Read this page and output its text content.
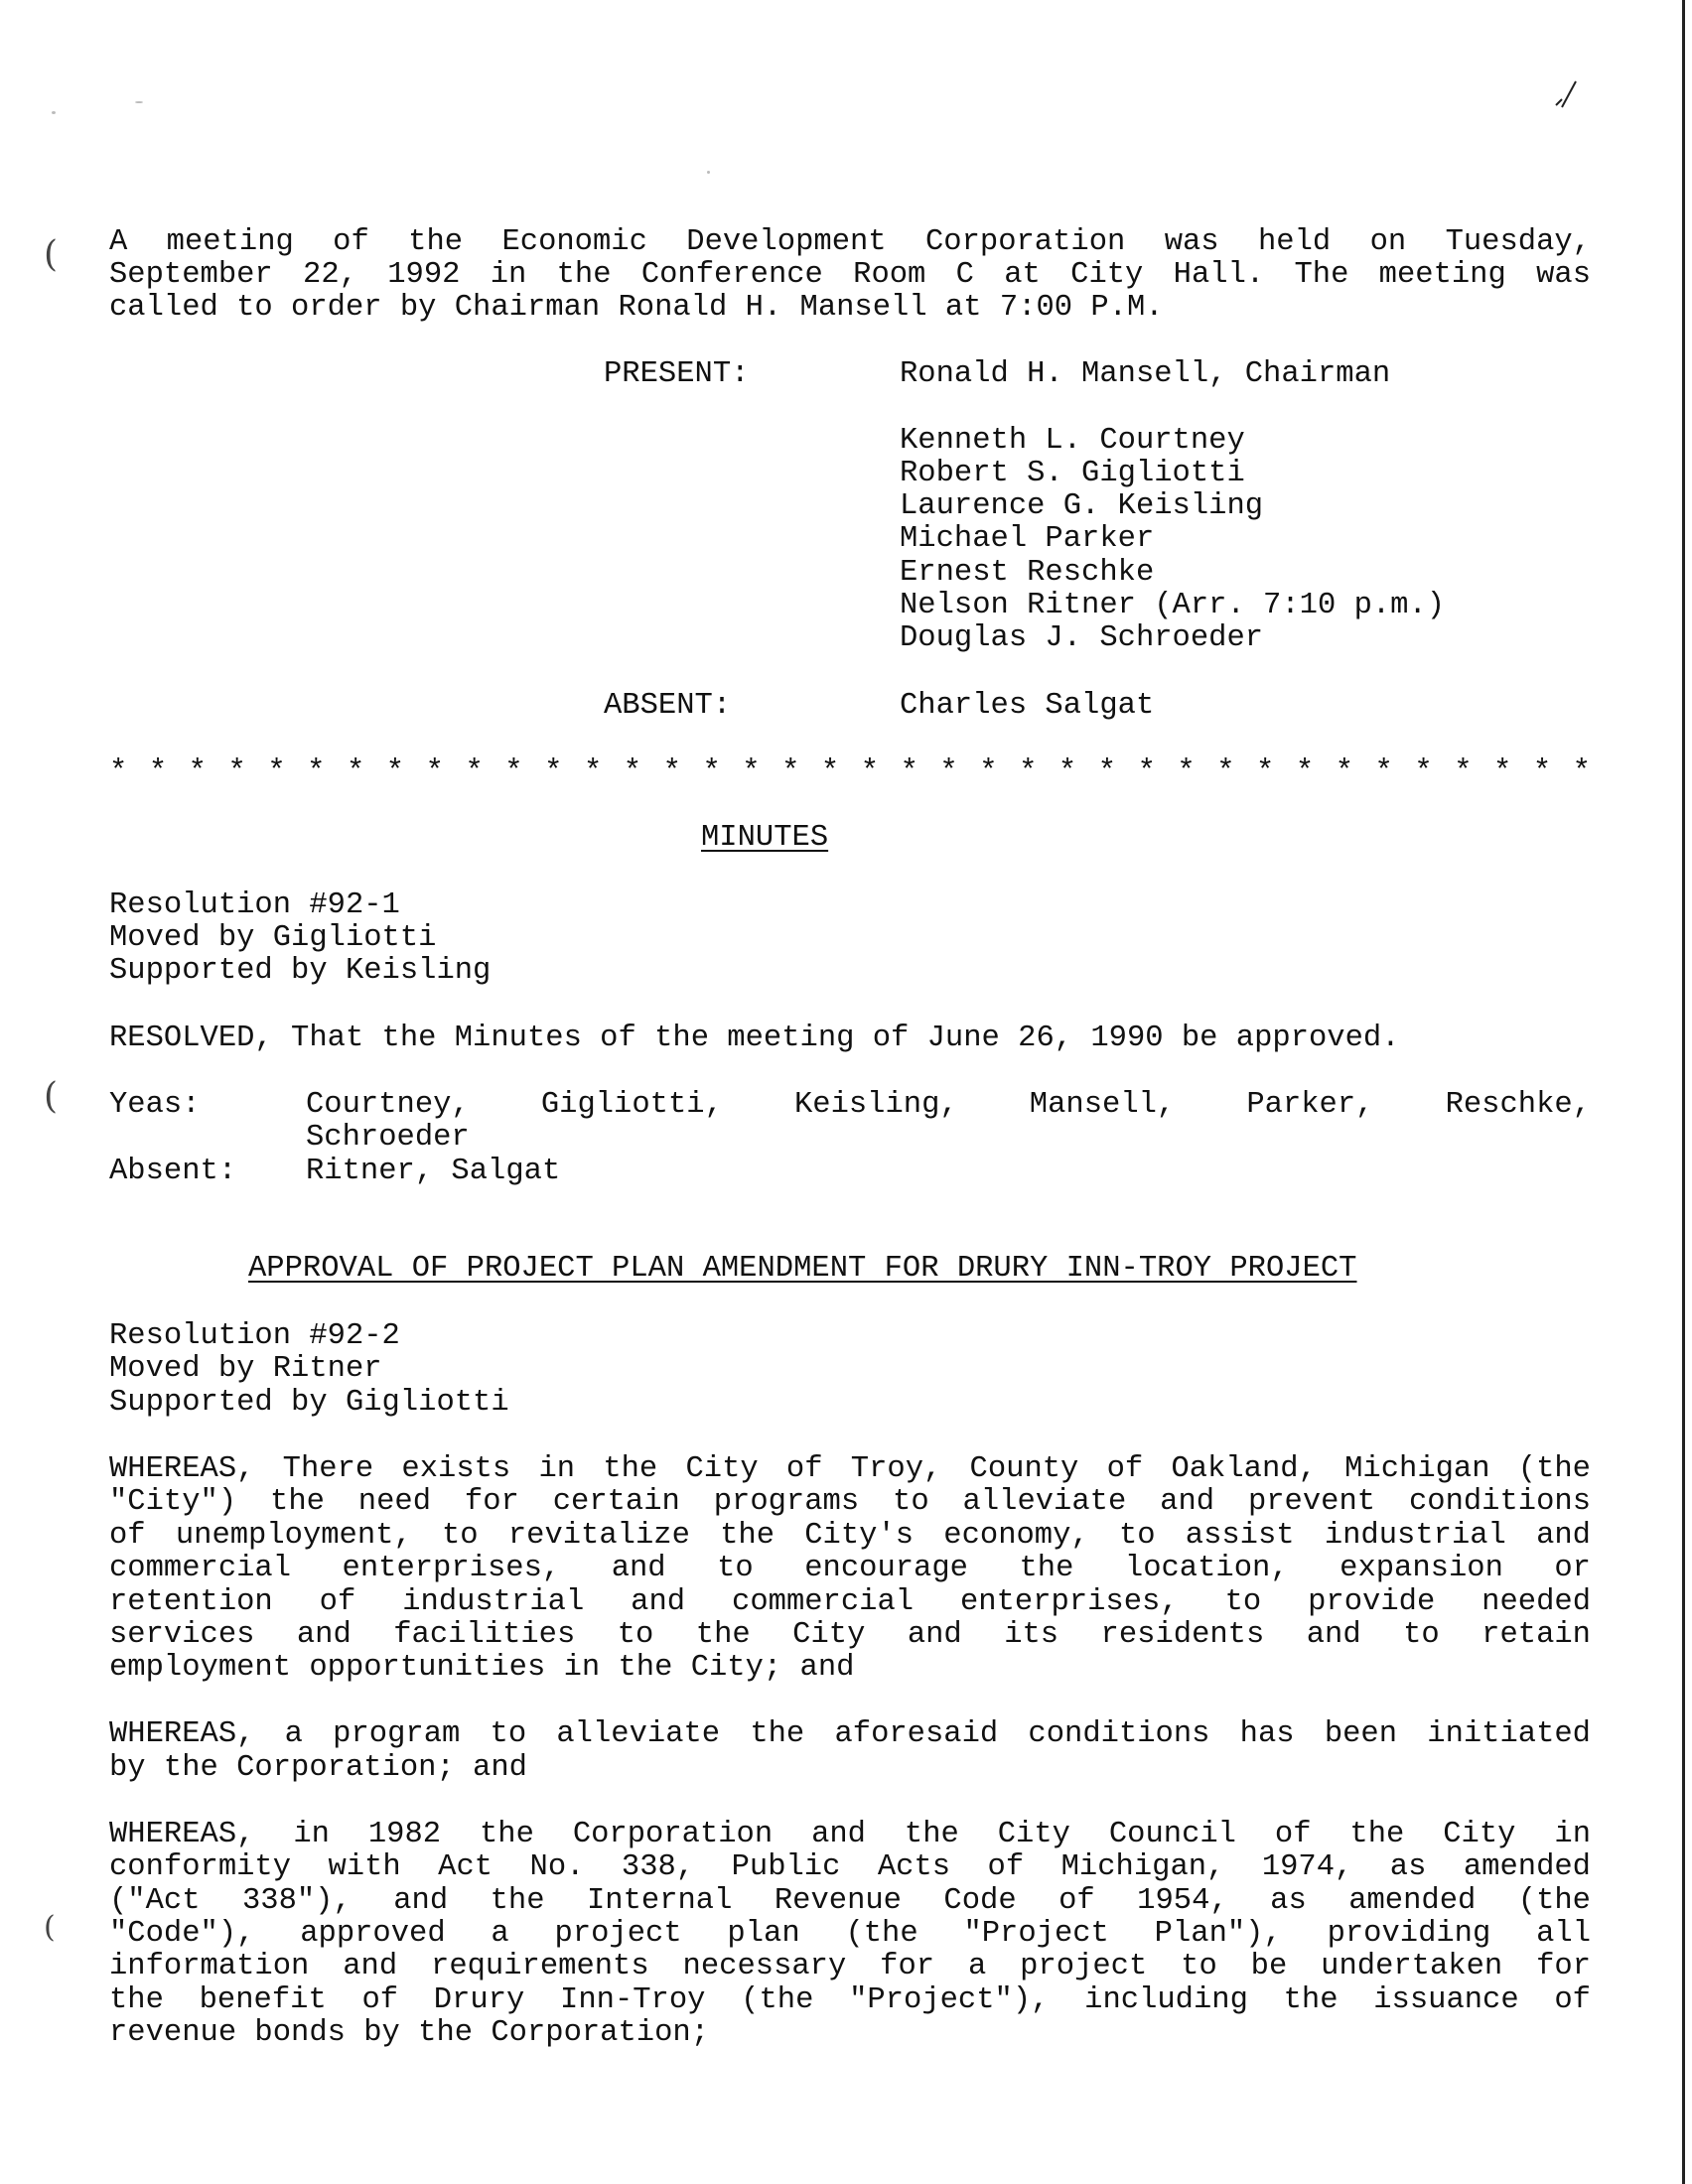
(
(
(

A meeting of the Economic Development Corporation was held on Tuesday,

September 22, 1992 in the Conference Room C at City Hall. The meeting was

called to order by Chairman Ronald H. Mansell at 7:00 P.M.

PRESENT:	Ronald H. Mansell, Chairman

Kenneth L. Courtney

Robert S. Gigliotti

Laurence G. Keisling

Michael Parker

Ernest Reschke

Nelson Ritner (Arr. 7:10 p.m.)

Douglas J. Schroeder

ABSENT:	Charles Salgat

* * * * * * * * * * * * * * * * * * * * * * * * * * * * * * * * * * * * * *

MINUTES

Resolution #92-1

Moved by Gigliotti

Supported by Keisling

RESOLVED, That the Minutes of the meeting of June 26, 1990 be approved.

Yeas:	Courtney, Gigliotti, Keisling, Mansell, Parker, Reschke,

Schroeder

Absent: Ritner, Salgat

APPROVAL OF PROJECT PLAN AMENDMENT FOR DRURY INN-TROY PROJECT

Resolution #92-2

Moved by Ritner

Supported by Gigliotti

WHEREAS, There exists in the City of Troy, County of Oakland, Michigan (the

"City") the need for certain programs to alleviate and prevent conditions

of unemployment, to revitalize the City's economy, to assist industrial and

commercial enterprises, and to encourage the location, expansion or

retention of industrial and commercial enterprises, to provide needed

services and facilities to the City and its residents and to retain

employment opportunities in the City; and

WHEREAS, a program to alleviate the aforesaid conditions has been initiated

by the Corporation; and

WHEREAS, in 1982 the Corporation and the City Council of the City in

conformity with Act No. 338, Public Acts of Michigan, 1974, as amended

("Act 338"), and the Internal Revenue Code of 1954, as amended (the

"Code"), approved a project plan (the "Project Plan"), providing all

information and requirements necessary for a project to be undertaken for

the benefit of Drury Inn-Troy (the "Project"), including the issuance of

revenue bonds by the Corporation;
